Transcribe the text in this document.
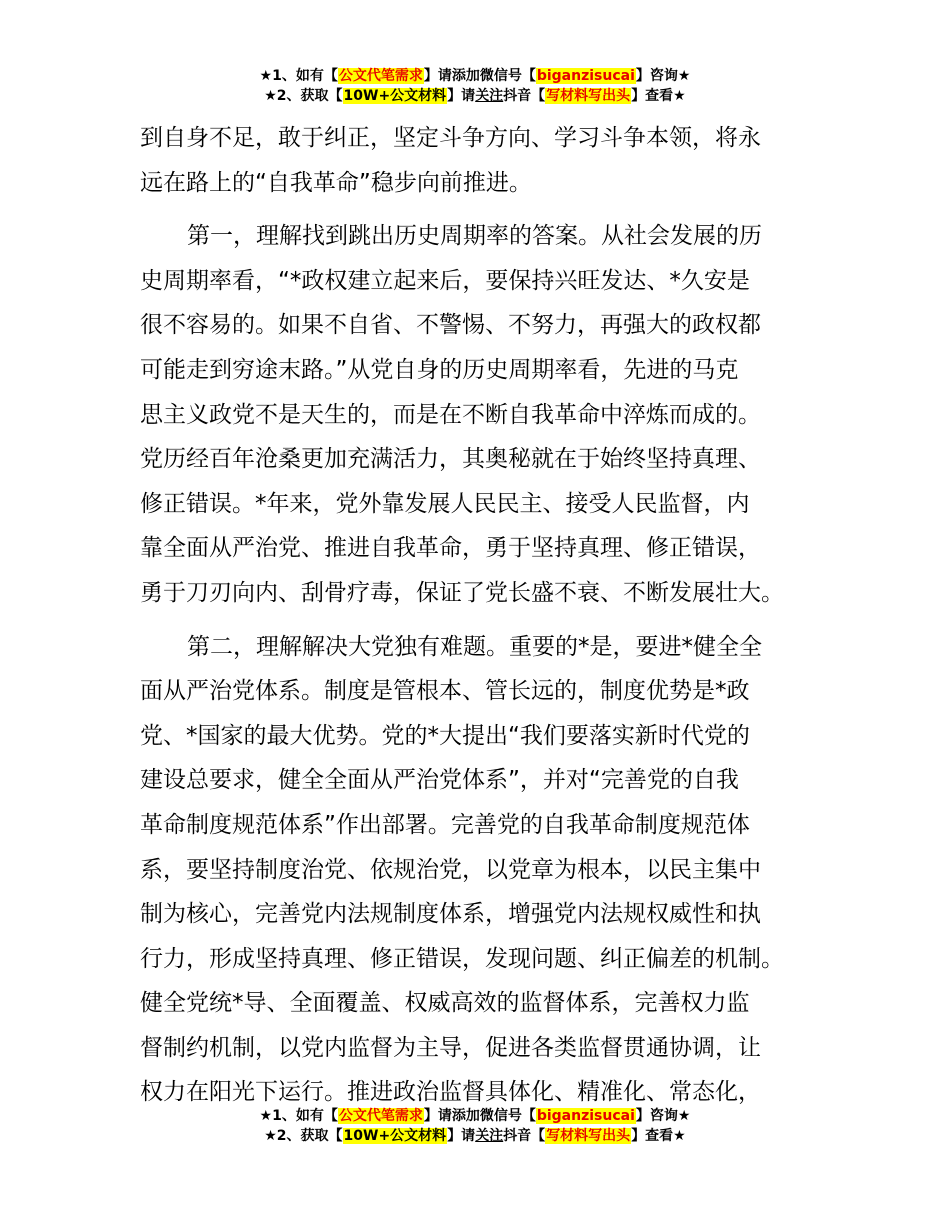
★1、如有【公文代笔需求】请添加微信号【biganzisucai】咨询★
★2、获取【10W+公文材料】请关注抖音【写材料写出头】查看★
到自身不足，敢于纠正，坚定斗争方向、学习斗争本领，将永
远在路上的“自我革命”稳步向前推进。
第一，理解找到跳出历史周期率的答案。从社会发展的历
史周期率看，“*政权建立起来后，要保持兴旺发达、*久安是
很不容易的。如果不自省、不警惕、不努力，再强大的政权都
可能走到穷途末路。”从党自身的历史周期率看，先进的马克
思主义政党不是天生的，而是在不断自我革命中淬炼而成的。
党历经百年沧桑更加充满活力，其奥秘就在于始终坚持真理、
修正错误。*年来，党外靠发展人民民主、接受人民监督，内
靠全面从严治党、推进自我革命，勇于坚持真理、修正错误，
勇于刀刃向内、刮骨疗毒，保证了党长盛不衰、不断发展壮大。
第二，理解解决大党独有难题。重要的*是，要进*健全全
面从严治党体系。制度是管根本、管长远的，制度优势是*政
党、*国家的最大优势。党的*大提出“我们要落实新时代党的
建设总要求，健全全面从严治党体系”，并对“完善党的自我
革命制度规范体系”作出部署。完善党的自我革命制度规范体
系，要坚持制度治党、依规治党，以党章为根本，以民主集中
制为核心，完善党内法规制度体系，增强党内法规权威性和执
行力，形成坚持真理、修正错误，发现问题、纠正偏差的机制。
健全党统*导、全面覆盖、权威高效的监督体系，完善权力监
督制约机制，以党内监督为主导，促进各类监督贯通协调，让
权力在阳光下运行。推进政治监督具体化、精准化、常态化，
★1、如有【公文代笔需求】请添加微信号【biganzisucai】咨询★
★2、获取【10W+公文材料】请关注抖音【写材料写出头】查看★
